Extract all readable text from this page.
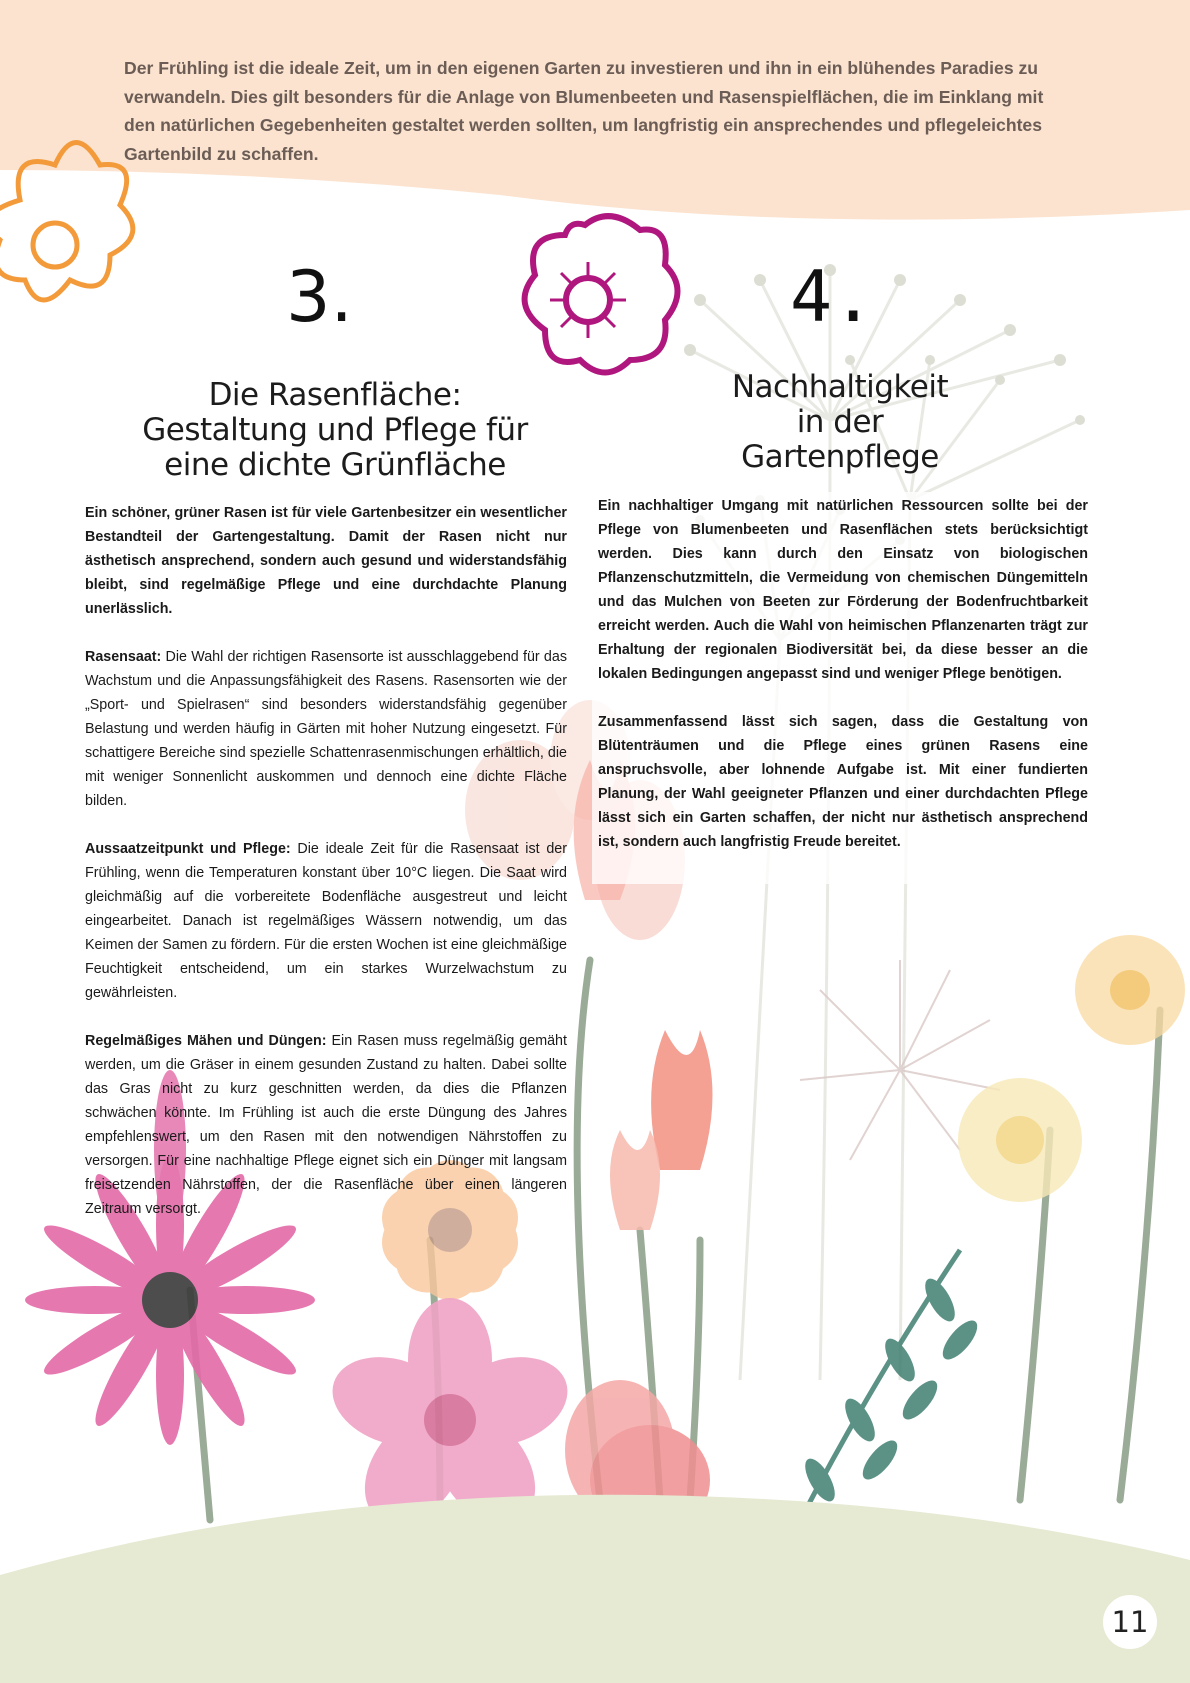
Der Frühling ist die ideale Zeit, um in den eigenen Garten zu investieren und ihn in ein blühendes Paradies zu verwandeln. Dies gilt besonders für die Anlage von Blumenbeeten und Rasenspielflächen, die im Einklang mit den natürlichen Gegebenheiten gestaltet werden sollten, um langfristig ein ansprechendes und pflegeleichtes Gartenbild zu schaffen.

3.
Die Rasenfläche:
Gestaltung und Pflege für
eine dichte Grünfläche
4.
Nachhaltigkeit
in der
Gartenpflege

Ein schöner, grüner Rasen ist für viele Gartenbesitzer ein wesentlicher Bestandteil der Gartengestaltung. Damit der Rasen nicht nur ästhetisch ansprechend, sondern auch gesund und widerstandsfähig bleibt, sind regelmäßige Pflege und eine durchdachte Planung unerlässlich.

Rasensaat: Die Wahl der richtigen Rasensorte ist ausschlaggebend für das Wachstum und die Anpassungsfähigkeit des Rasens. Rasensorten wie der „Sport- und Spielrasen“ sind besonders widerstandsfähig gegenüber Belastung und werden häufig in Gärten mit hoher Nutzung eingesetzt. Für schattigere Bereiche sind spezielle Schattenrasenmischungen erhältlich, die mit weniger Sonnenlicht auskommen und dennoch eine dichte Fläche bilden.

Aussaatzeitpunkt und Pflege: Die ideale Zeit für die Rasensaat ist der Frühling, wenn die Temperaturen konstant über 10°C liegen. Die Saat wird gleichmäßig auf die vorbereitete Bodenfläche ausgestreut und leicht eingearbeitet. Danach ist regelmäßiges Wässern notwendig, um das Keimen der Samen zu fördern. Für die ersten Wochen ist eine gleichmäßige Feuchtigkeit entscheidend, um ein starkes Wurzelwachstum zu gewährleisten.

Regelmäßiges Mähen und Düngen: Ein Rasen muss regelmäßig gemäht werden, um die Gräser in einem gesunden Zustand zu halten. Dabei sollte das Gras nicht zu kurz geschnitten werden, da dies die Pflanzen schwächen könnte. Im Frühling ist auch die erste Düngung des Jahres empfehlenswert, um den Rasen mit den notwendigen Nährstoffen zu versorgen. Für eine nachhaltige Pflege eignet sich ein Dünger mit langsam freisetzenden Nährstoffen, der die Rasenfläche über einen längeren Zeitraum versorgt.

Ein nachhaltiger Umgang mit natürlichen Ressourcen sollte bei der Pflege von Blumenbeeten und Rasenflächen stets berücksichtigt werden. Dies kann durch den Einsatz von biologischen Pflanzenschutzmitteln, die Vermeidung von chemischen Düngemitteln und das Mulchen von Beeten zur Förderung der Bodenfruchtbarkeit erreicht werden. Auch die Wahl von heimischen Pflanzenarten trägt zur Erhaltung der regionalen Biodiversität bei, da diese besser an die lokalen Bedingungen angepasst sind und weniger Pflege benötigen.

Zusammenfassend lässt sich sagen, dass die Gestaltung von Blütenträumen und die Pflege eines grünen Rasens eine anspruchsvolle, aber lohnende Aufgabe ist. Mit einer fundierten Planung, der Wahl geeigneter Pflanzen und einer durchdachten Pflege lässt sich ein Garten schaffen, der nicht nur ästhetisch ansprechend ist, sondern auch langfristig Freude bereitet.

11
